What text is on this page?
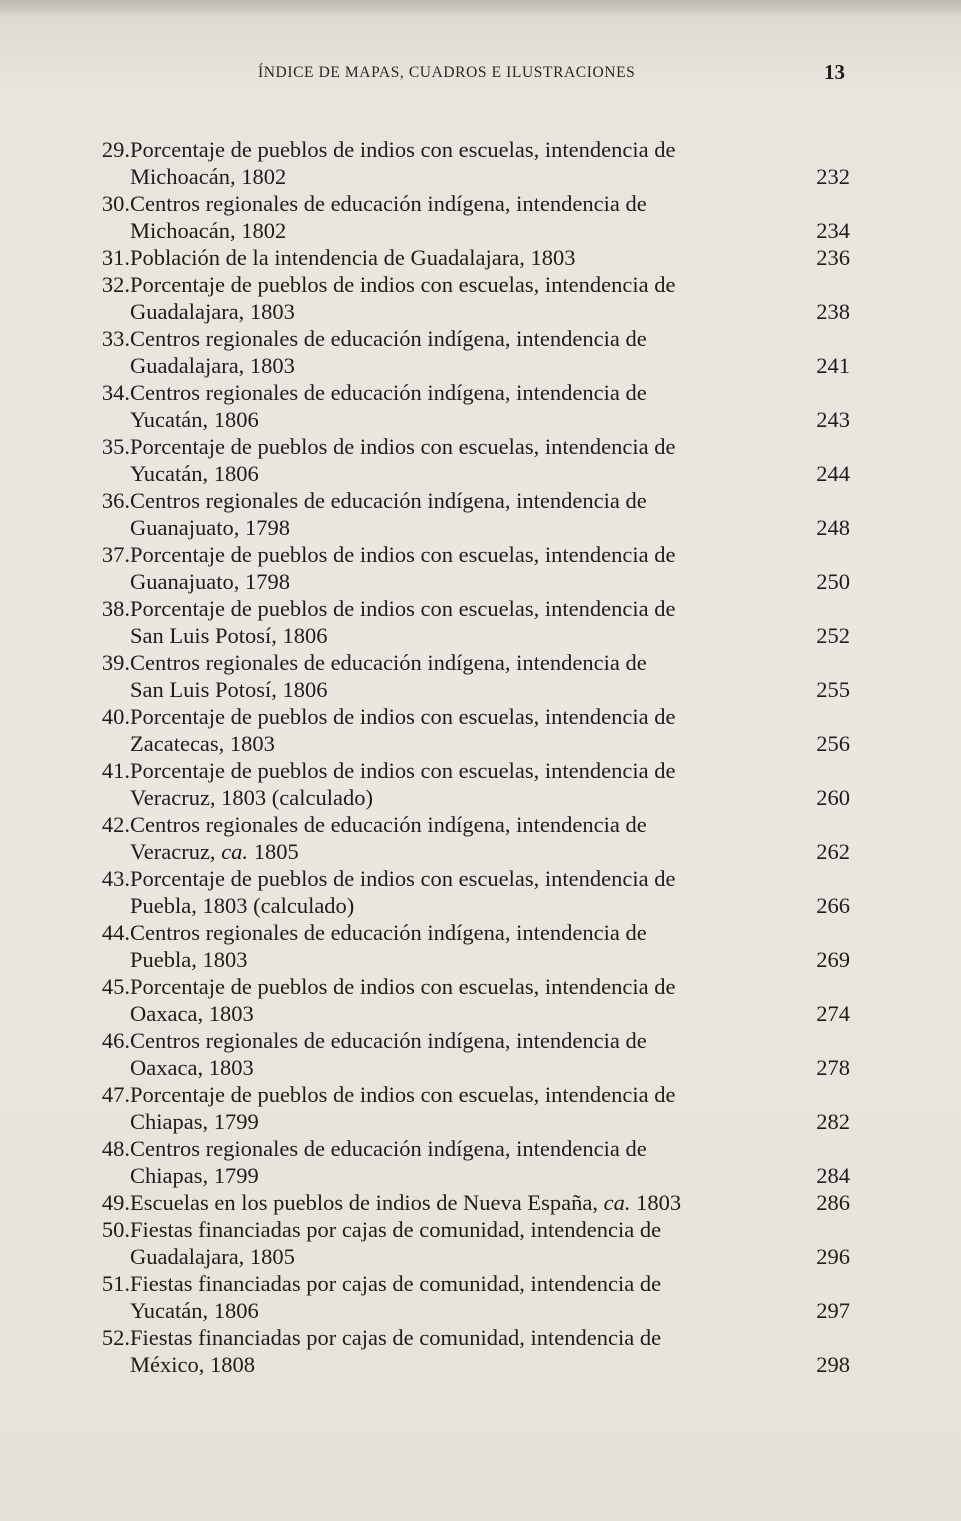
ÍNDICE DE MAPAS, CUADROS E ILUSTRACIONES	13
29. Porcentaje de pueblos de indios con escuelas, intendencia de
Michoacán, 1802	232
30. Centros regionales de educación indígena, intendencia de
Michoacán, 1802	234
31. Población de la intendencia de Guadalajara, 1803	236
32. Porcentaje de pueblos de indios con escuelas, intendencia de
Guadalajara, 1803	238
33. Centros regionales de educación indígena, intendencia de
Guadalajara, 1803	241
34. Centros regionales de educación indígena, intendencia de
Yucatán, 1806	243
35. Porcentaje de pueblos de indios con escuelas, intendencia de
Yucatán, 1806	244
36. Centros regionales de educación indígena, intendencia de
Guanajuato, 1798	248
37. Porcentaje de pueblos de indios con escuelas, intendencia de
Guanajuato, 1798	250
38. Porcentaje de pueblos de indios con escuelas, intendencia de
San Luis Potosí, 1806	252
39. Centros regionales de educación indígena, intendencia de
San Luis Potosí, 1806	255
40. Porcentaje de pueblos de indios con escuelas, intendencia de
Zacatecas, 1803	256
41. Porcentaje de pueblos de indios con escuelas, intendencia de
Veracruz, 1803 (calculado)	260
42. Centros regionales de educación indígena, intendencia de
Veracruz, ca. 1805	262
43. Porcentaje de pueblos de indios con escuelas, intendencia de
Puebla, 1803 (calculado)	266
44. Centros regionales de educación indígena, intendencia de
Puebla, 1803	269
45. Porcentaje de pueblos de indios con escuelas, intendencia de
Oaxaca, 1803	274
46. Centros regionales de educación indígena, intendencia de
Oaxaca, 1803	278
47. Porcentaje de pueblos de indios con escuelas, intendencia de
Chiapas, 1799	282
48. Centros regionales de educación indígena, intendencia de
Chiapas, 1799	284
49. Escuelas en los pueblos de indios de Nueva España, ca. 1803	286
50. Fiestas financiadas por cajas de comunidad, intendencia de
Guadalajara, 1805	296
51. Fiestas financiadas por cajas de comunidad, intendencia de
Yucatán, 1806	297
52. Fiestas financiadas por cajas de comunidad, intendencia de
México, 1808	298
